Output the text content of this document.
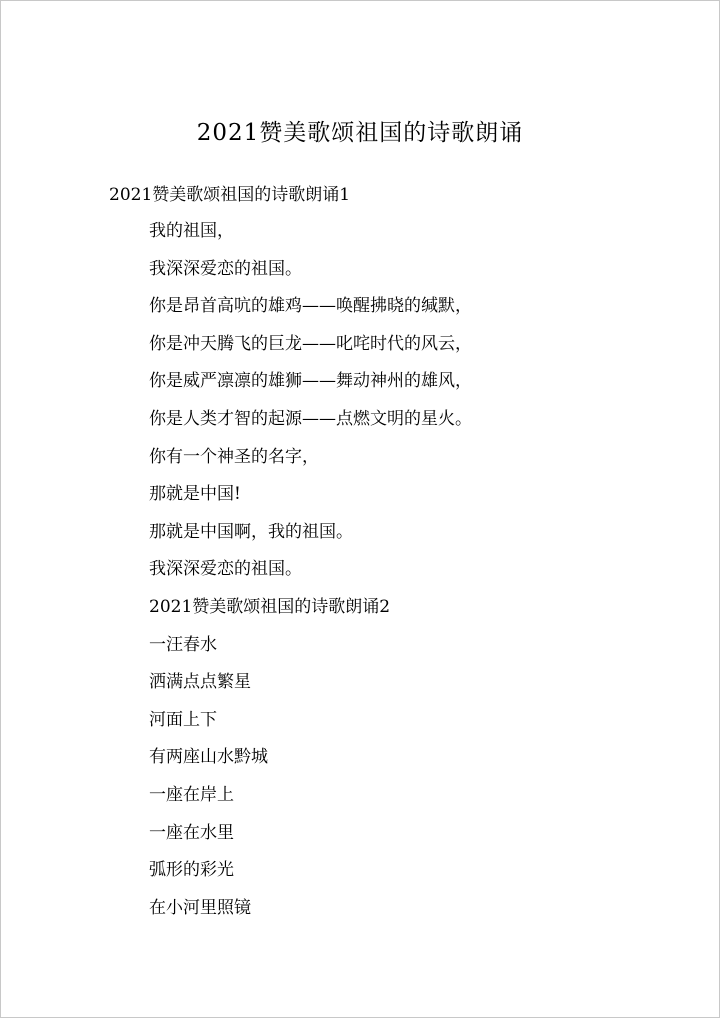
2021赞美歌颂祖国的诗歌朗诵
2021赞美歌颂祖国的诗歌朗诵1
我的祖国，
我深深爱恋的祖国。
你是昂首高吭的雄鸡——唤醒拂晓的缄默，
你是冲天腾飞的巨龙——叱咤时代的风云，
你是威严凛凛的雄狮——舞动神州的雄风，
你是人类才智的起源——点燃文明的星火。
你有一个神圣的名字，
那就是中国!
那就是中国啊，我的祖国。
我深深爱恋的祖国。
2021赞美歌颂祖国的诗歌朗诵2
一汪春水
洒满点点繁星
河面上下
有两座山水黔城
一座在岸上
一座在水里
弧形的彩光
在小河里照镜
